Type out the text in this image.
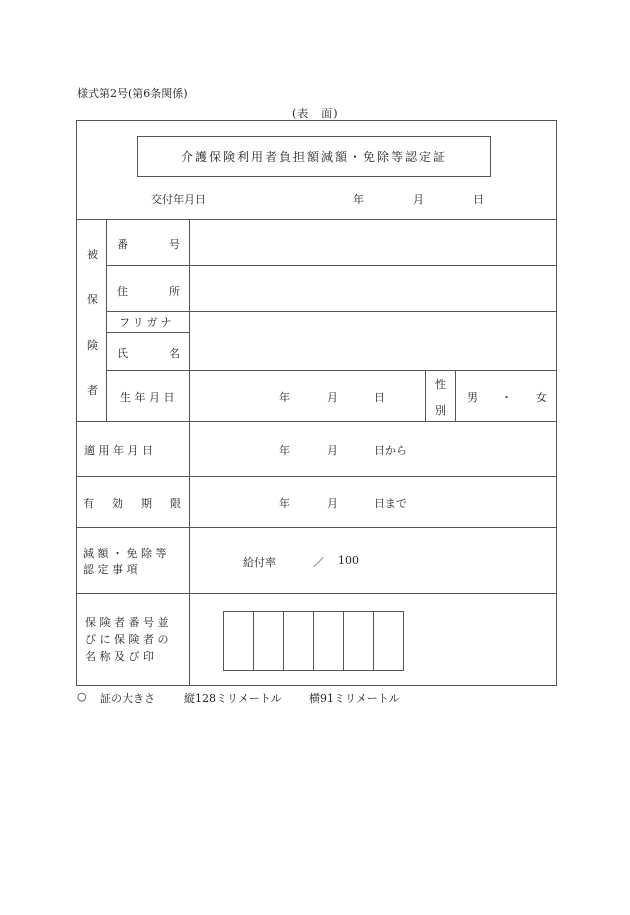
様式第2号(第6条関係)
(表　面)
介護保険利用者負担額減額・免除等認定証
交付年月日	年	月	日
被
保
険
者
番	号
住	所
フリガナ
氏	名
生 年 月 日	年	月	日
性
別
男 ・ 女
適 用 年 月 日	年	月	日から
有 効 期 限	年	月	日まで
減 額 ・ 免 除 等
認 定 事 項
給付率	／ 100
保 険 者 番 号 並
び に 保 険 者 の
名 称 及 び 印
○ 証の大きさ	縦128ミリメートル 横91ミリメートル
